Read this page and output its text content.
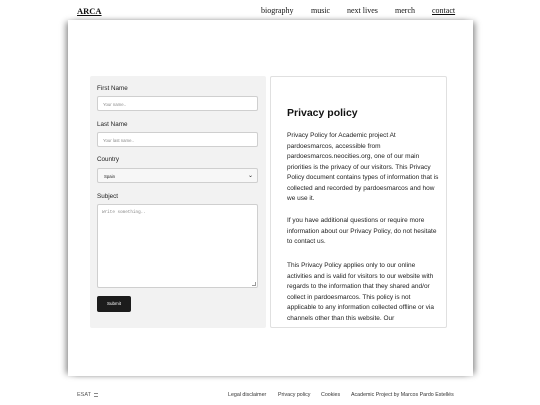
ARCA	biography music next lives merch contact
First Name
Your name..
Last Name
Your last name..
Country
Spain	⌄
Subject
Write something..
Submit
Privacy policy
Privacy Policy for Academic project At pardoesmarcos, accessible from pardoesmarcos.neocities.org, one of our main priorities is the privacy of our visitors. This Privacy Policy document contains types of information that is collected and recorded by pardoesmarcos and how we use it.
If you have additional questions or require more information about our Privacy Policy, do not hesitate to contact us.
This Privacy Policy applies only to our online activities and is valid for visitors to our website with regards to the information that they shared and/or collect in pardoesmarcos. This policy is not applicable to any information collected offline or via channels other than this website. Our
ESAT	Legal disclaimer Privacy policy Cookies Academic Project by Marcos Pardo Estellés
